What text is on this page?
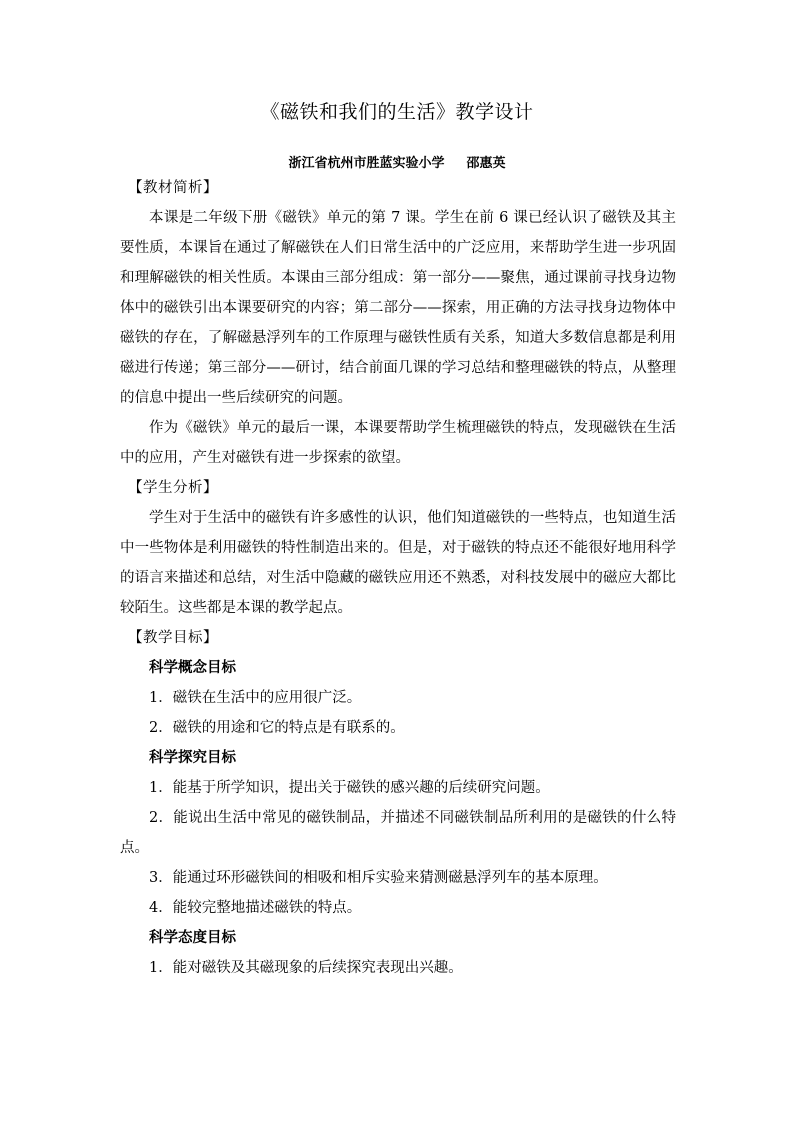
《磁铁和我们的生活》教学设计
浙江省杭州市胜蓝实验小学 邵惠英

【教材简析】

本课是二年级下册《磁铁》单元的第 7 课。学生在前 6 课已经认识了磁铁及其主要性质，本课旨在通过了解磁铁在人们日常生活中的广泛应用，来帮助学生进一步巩固和理解磁铁的相关性质。本课由三部分组成：第一部分——聚焦，通过课前寻找身边物体中的磁铁引出本课要研究的内容；第二部分——探索，用正确的方法寻找身边物体中磁铁的存在，了解磁悬浮列车的工作原理与磁铁性质有关系，知道大多数信息都是利用磁进行传递；第三部分——研讨，结合前面几课的学习总结和整理磁铁的特点，从整理的信息中提出一些后续研究的问题。

作为《磁铁》单元的最后一课，本课要帮助学生梳理磁铁的特点，发现磁铁在生活中的应用，产生对磁铁有进一步探索的欲望。

【学生分析】

学生对于生活中的磁铁有许多感性的认识，他们知道磁铁的一些特点，也知道生活中一些物体是利用磁铁的特性制造出来的。但是，对于磁铁的特点还不能很好地用科学的语言来描述和总结，对生活中隐藏的磁铁应用还不熟悉，对科技发展中的磁应大都比较陌生。这些都是本课的教学起点。

【教学目标】

科学概念目标

1．磁铁在生活中的应用很广泛。

2．磁铁的用途和它的特点是有联系的。

科学探究目标

1．能基于所学知识，提出关于磁铁的感兴趣的后续研究问题。

2．能说出生活中常见的磁铁制品，并描述不同磁铁制品所利用的是磁铁的什么特点。

3．能通过环形磁铁间的相吸和相斥实验来猜测磁悬浮列车的基本原理。

4．能较完整地描述磁铁的特点。

科学态度目标

1．能对磁铁及其磁现象的后续探究表现出兴趣。
